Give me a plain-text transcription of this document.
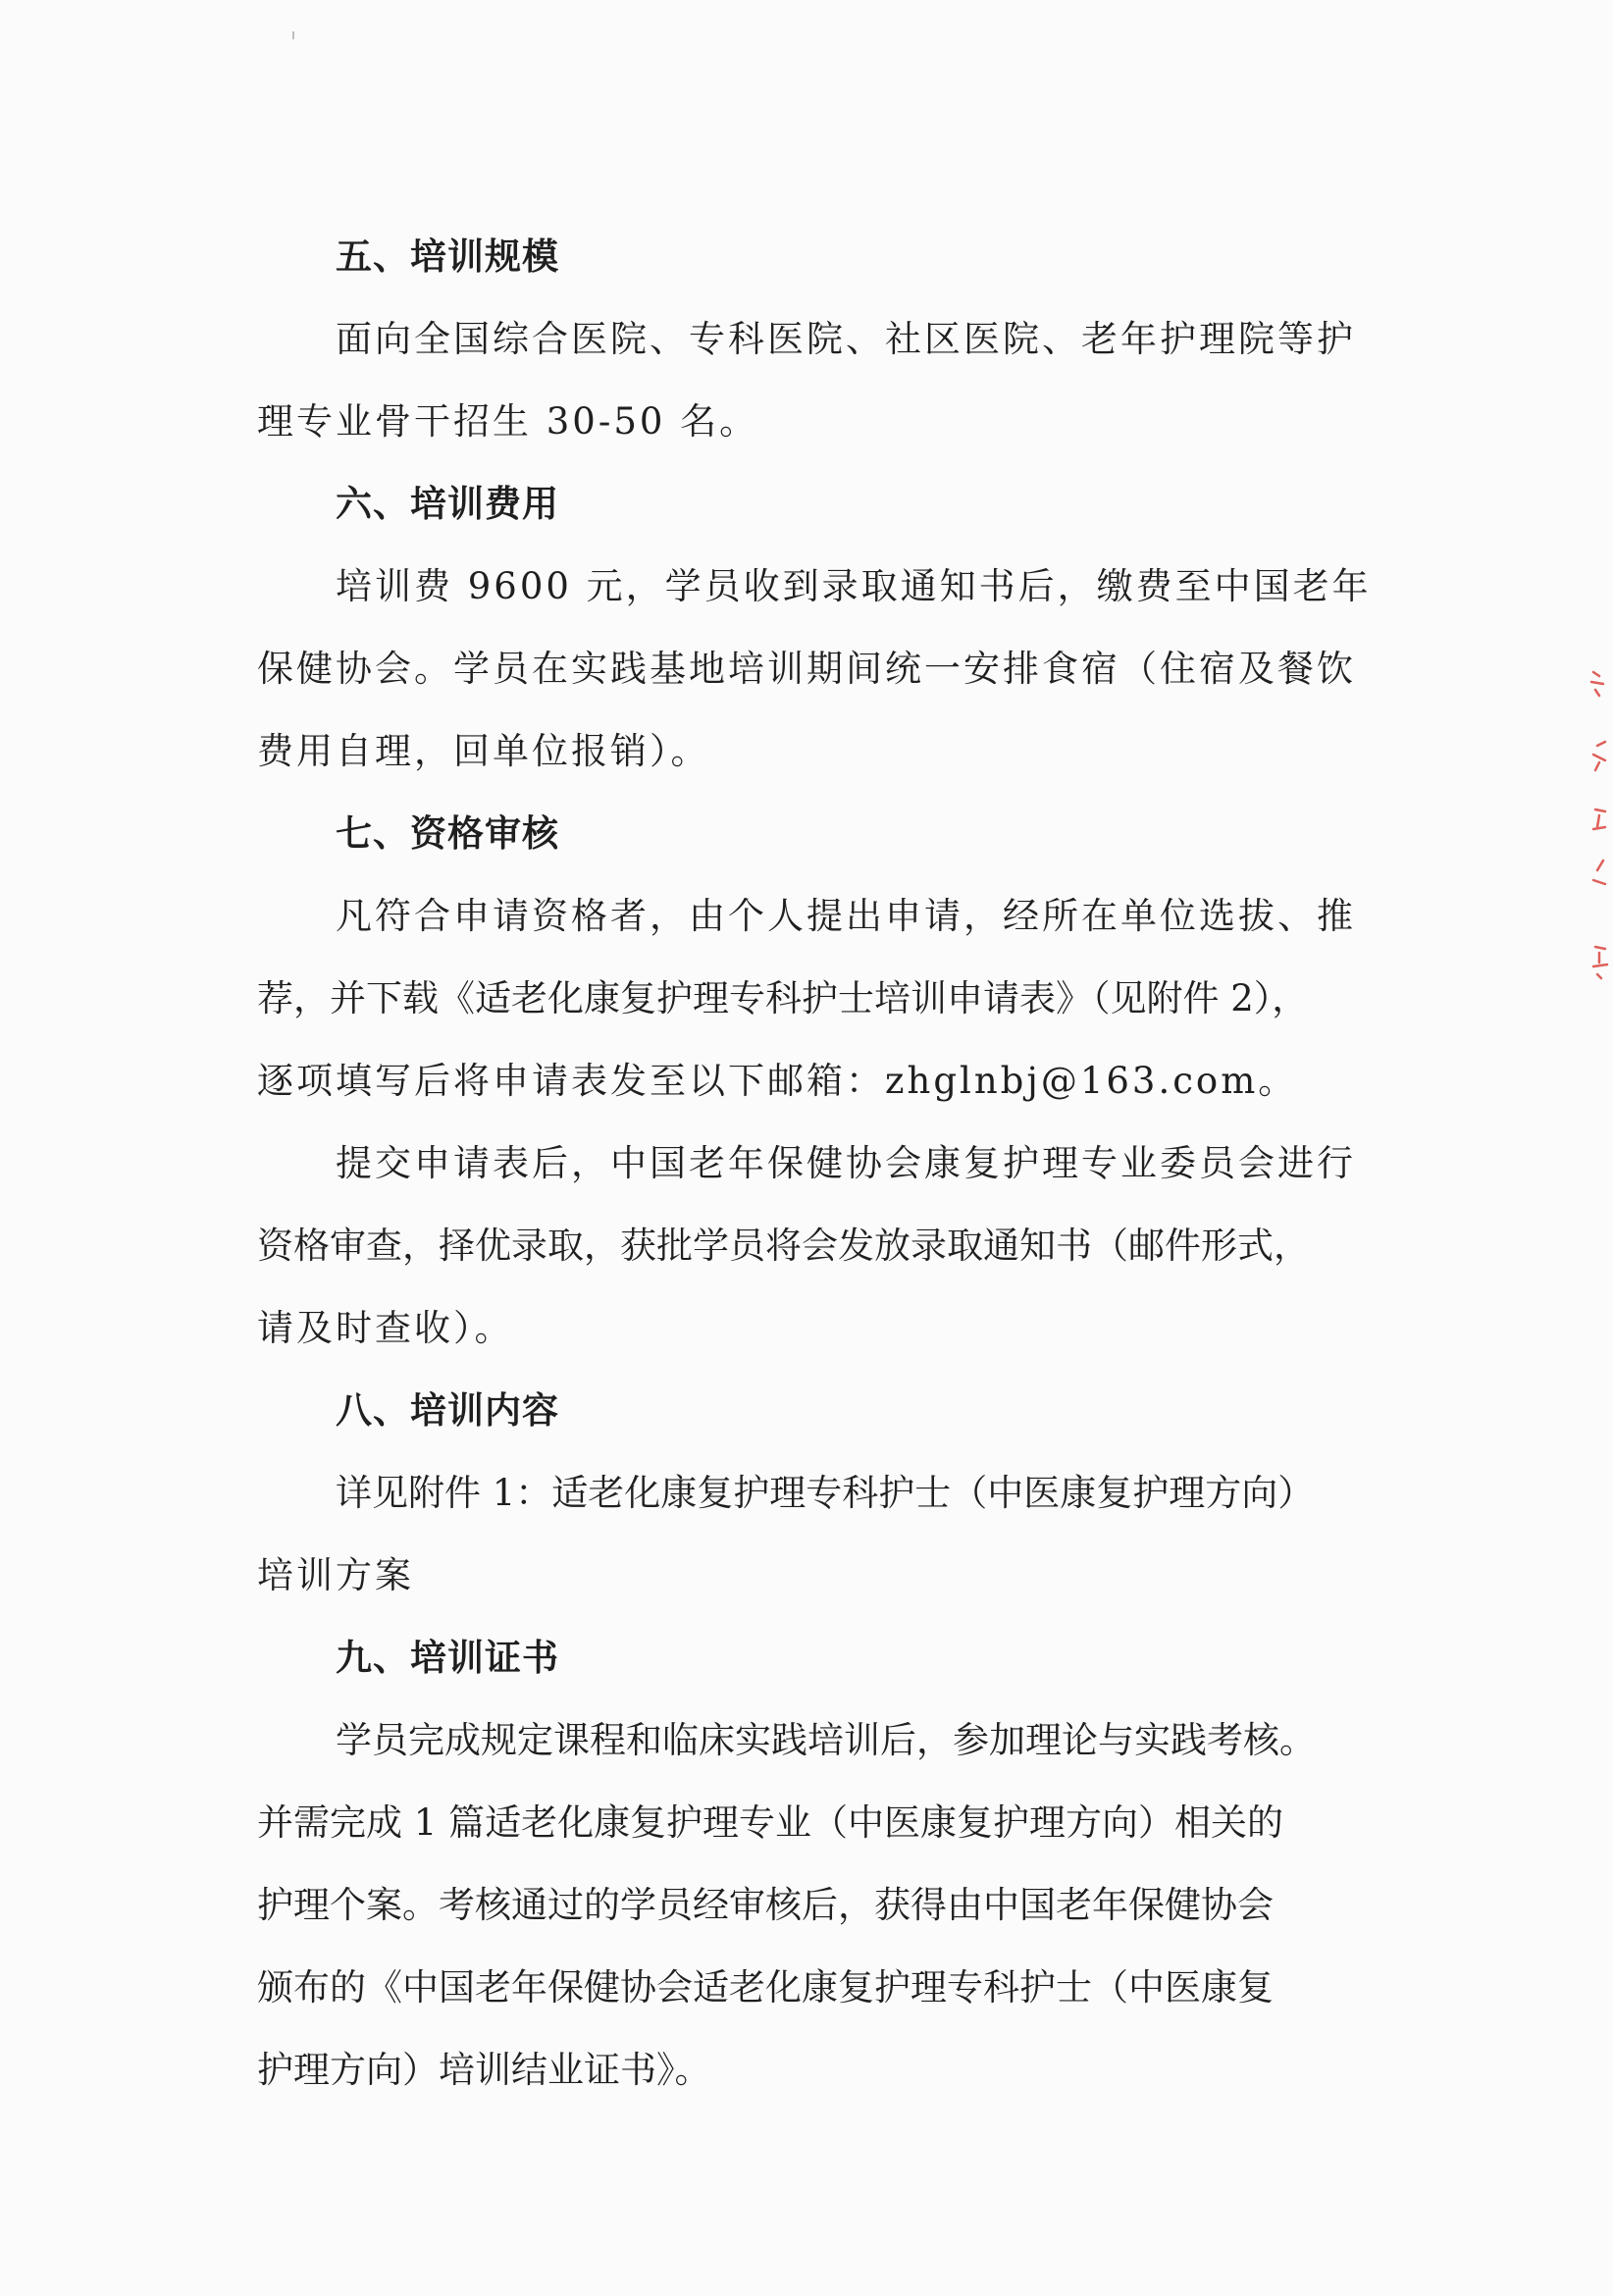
五、培训规模

面向全国综合医院、专科医院、社区医院、老年护理院等护
理专业骨干招生 30-50 名。

六、培训费用

培训费 9600 元，学员收到录取通知书后，缴费至中国老年
保健协会。学员在实践基地培训期间统一安排食宿（住宿及餐饮
费用自理，回单位报销）。

七、资格审核

凡符合申请资格者，由个人提出申请，经所在单位选拔、推
荐，并下载《适老化康复护理专科护士培训申请表》（见附件 2），
逐项填写后将申请表发至以下邮箱：zhglnbj@163.com。

提交申请表后，中国老年保健协会康复护理专业委员会进行
资格审查，择优录取，获批学员将会发放录取通知书（邮件形式，
请及时查收）。

八、培训内容

详见附件 1：适老化康复护理专科护士（中医康复护理方向）
培训方案

九、培训证书

学员完成规定课程和临床实践培训后，参加理论与实践考核。
并需完成 1 篇适老化康复护理专业（中医康复护理方向）相关的
护理个案。考核通过的学员经审核后，获得由中国老年保健协会
颁布的《中国老年保健协会适老化康复护理专科护士（中医康复
护理方向）培训结业证书》。
